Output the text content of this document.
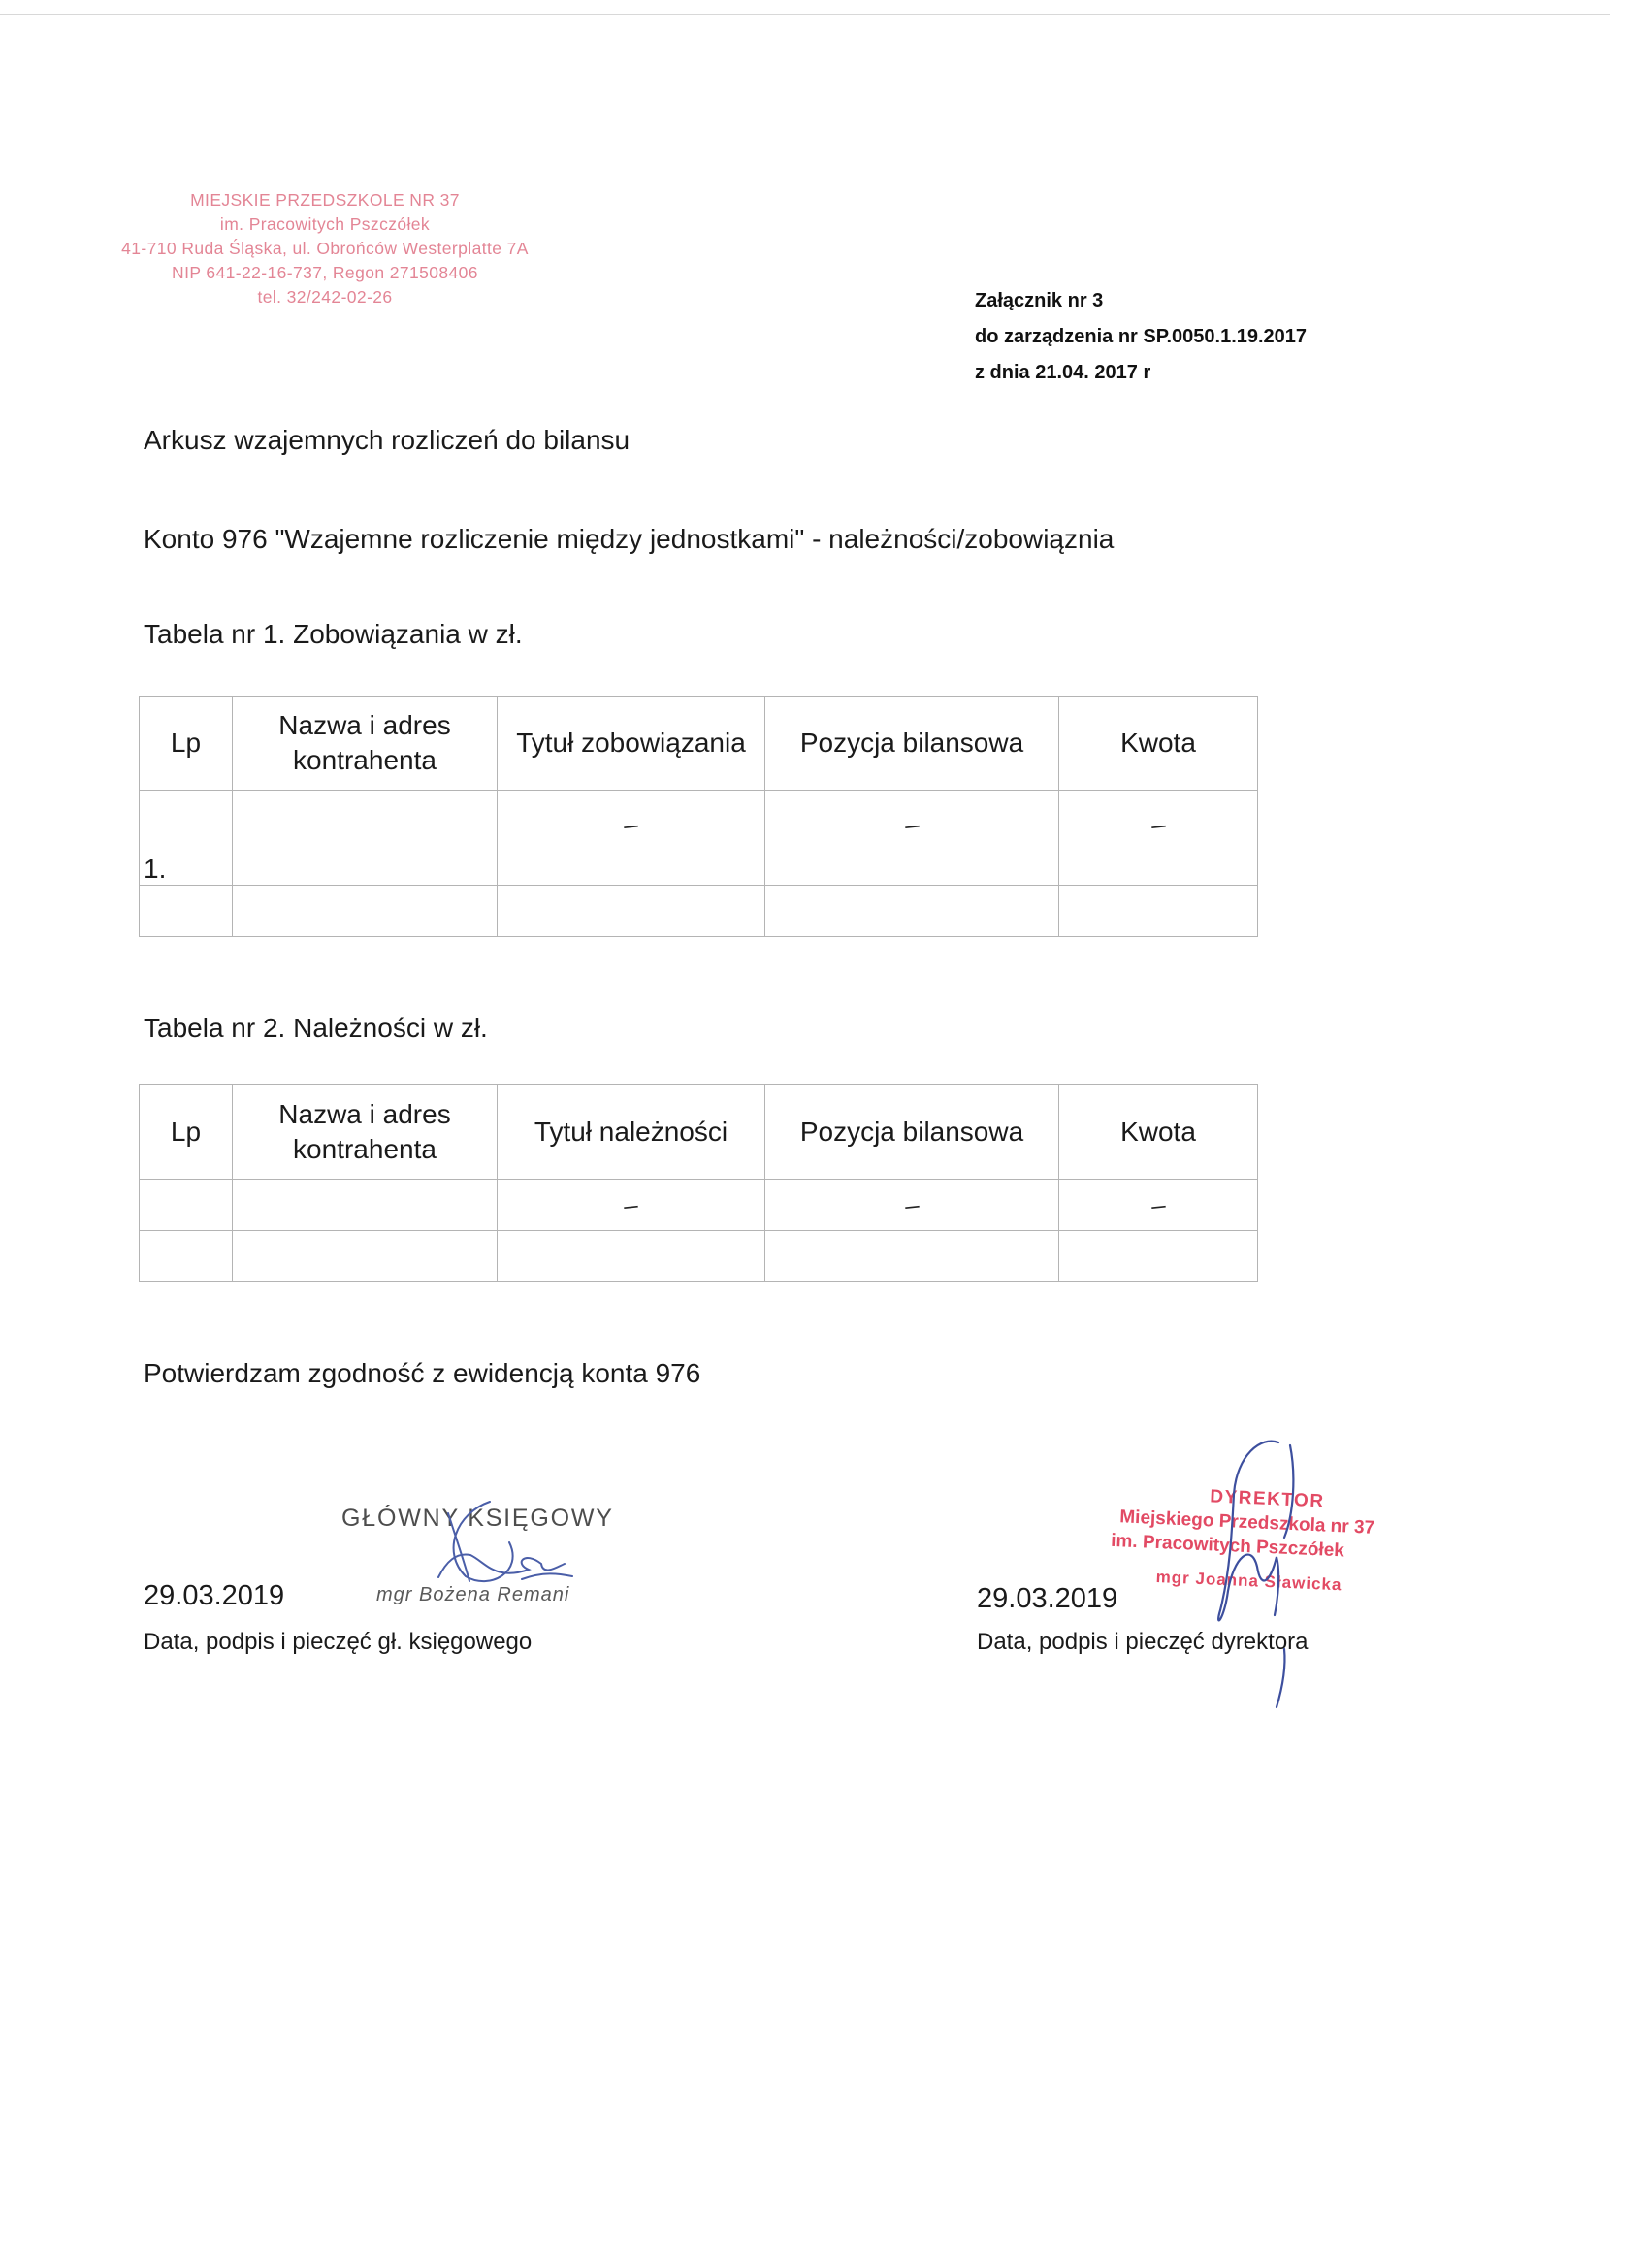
MIEJSKIE PRZEDSZKOLE NR 37
im. Pracowitych Pszczółek
41-710 Ruda Śląska, ul. Obrońców Westerplatte 7A
NIP 641-22-16-737, Regon 271508406
tel. 32/242-02-26	Załącznik nr 3
do zarządzenia nr SP.0050.1.19.2017
z dnia 21.04. 2017 r
Arkusz wzajemnych rozliczeń do bilansu
Konto 976 "Wzajemne rozliczenie między jednostkami" - należności/zobowiąznia
Tabela nr 1. Zobowiązania w zł.
Lp	Nazwa i adres kontrahenta	Tytuł zobowiązania	Pozycja bilansowa	Kwota
1.		–	–	–

Tabela nr 2. Należności w zł.
Lp	Nazwa i adres kontrahenta	Tytuł należności	Pozycja bilansowa	Kwota
		–	–	–

Potwierdzam zgodność z ewidencją konta 976
GŁÓWNY KSIĘGOWY
mgr Bożena Remani
29.03.2019
Data, podpis i pieczęć gł. księgowego
DYREKTOR
Miejskiego Przedszkola nr 37
im. Pracowitych Pszczółek
mgr Joanna Sławicka
29.03.2019
Data, podpis i pieczęć dyrektora
